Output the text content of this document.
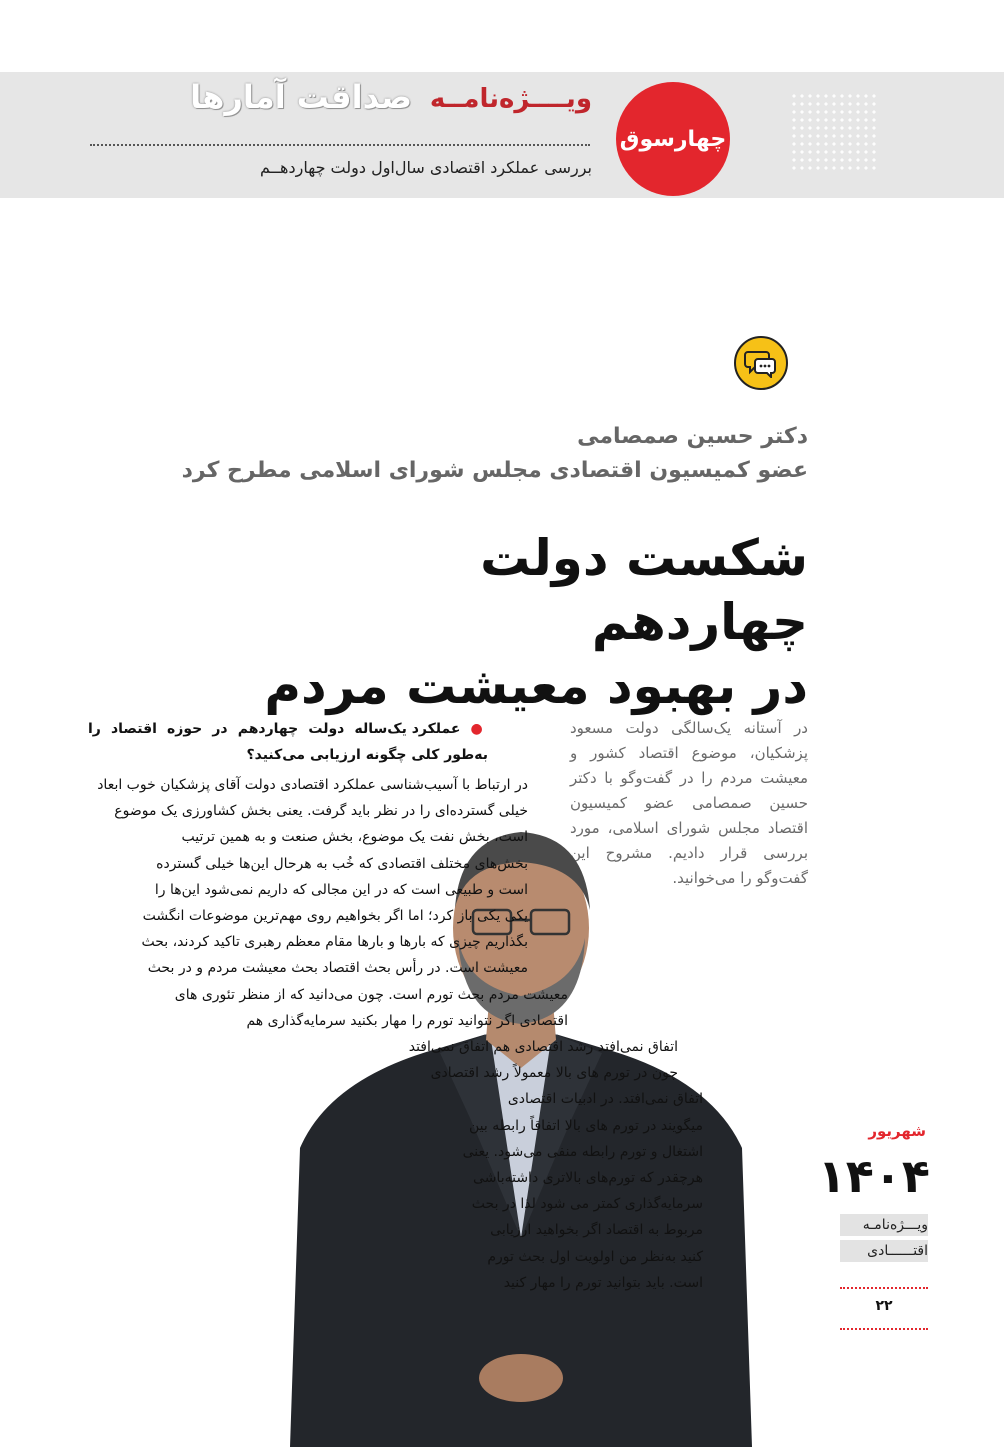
چهارسوق
صداقت آمارها ویــــژه‌نامــه
بررسی عملکرد اقتصادی سال‌اول دولت چهاردهــم
دکتر حسین صمصامی
عضو کمیسیون اقتصادی مجلس شورای اسلامی مطرح کرد
شکست دولت چهاردهم
در بهبود معیشت مردم

در آستانه یک‌سالگی دولت مسعود پزشکیان، موضوع اقتصاد کشور و معیشت مردم را در گفت‌وگو با دکتر حسین صمصامی عضو کمیسیون اقتصاد مجلس شورای اسلامی، مورد بررسی قرار دادیم. مشروح این گفت‌وگو را می‌خوانید.

● عملکرد یک‌ساله دولت چهاردهم در حوزه اقتصاد را به‌طور کلی چگونه ارزیابی می‌کنید؟

در ارتباط با آسیب‌شناسی عملکرد اقتصادی دولت آقای پزشکیان خوب ابعاد
خیلی گسترده‌ای را در نظر باید گرفت. یعنی بخش کشاورزی یک موضوع
است، بخش نفت یک موضوع، بخش صنعت و به همین ترتیب
بخش‌های مختلف اقتصادی که خُب به هرحال این‌ها خیلی گسترده
است و طبیعی است که در این مجالی که داریم نمی‌شود این‌ها را
یکی یکی باز کرد؛ اما اگر بخواهیم روی مهم‌ترین موضوعات انگشت
بگذاریم چیزی که بارها و بارها مقام معظم رهبری تاکید کردند، بحث
معیشت است. در رأس بحث اقتصاد بحث معیشت مردم و در بحث
معیشت مردم بحث تورم است. چون می‌دانید که از منظر تئوری های
اقتصادی اگر نتوانید تورم را مهار بکنید سرمایه‌گذاری هم
اتفاق نمی‌افتد رشد اقتصادی هم اتفاق نمی‌افتد
چون در تورم های بالا معمولاً رشد اقتصادی
اتفاق نمی‌افتد. در ادبیات اقتصادی
میگویند در تورم های بالا اتفاقاً رابطه بین
اشتغال و تورم رابطه منفی می‌شود. یعنی
هرچقدر که تورم‌های بالاتری داشته‌باشی
سرمایه‌گذاری کمتر می شود لذا در بحث
مربوط به اقتصاد اگر بخواهید ارزیابی
کنید به‌نظر من اولویت اول بحث تورم
است. باید بتوانید تورم را مهار کنید
شهریور
۱۴۰۴
ویـــژه‌نامـه
اقتــــــادی
۲۲
